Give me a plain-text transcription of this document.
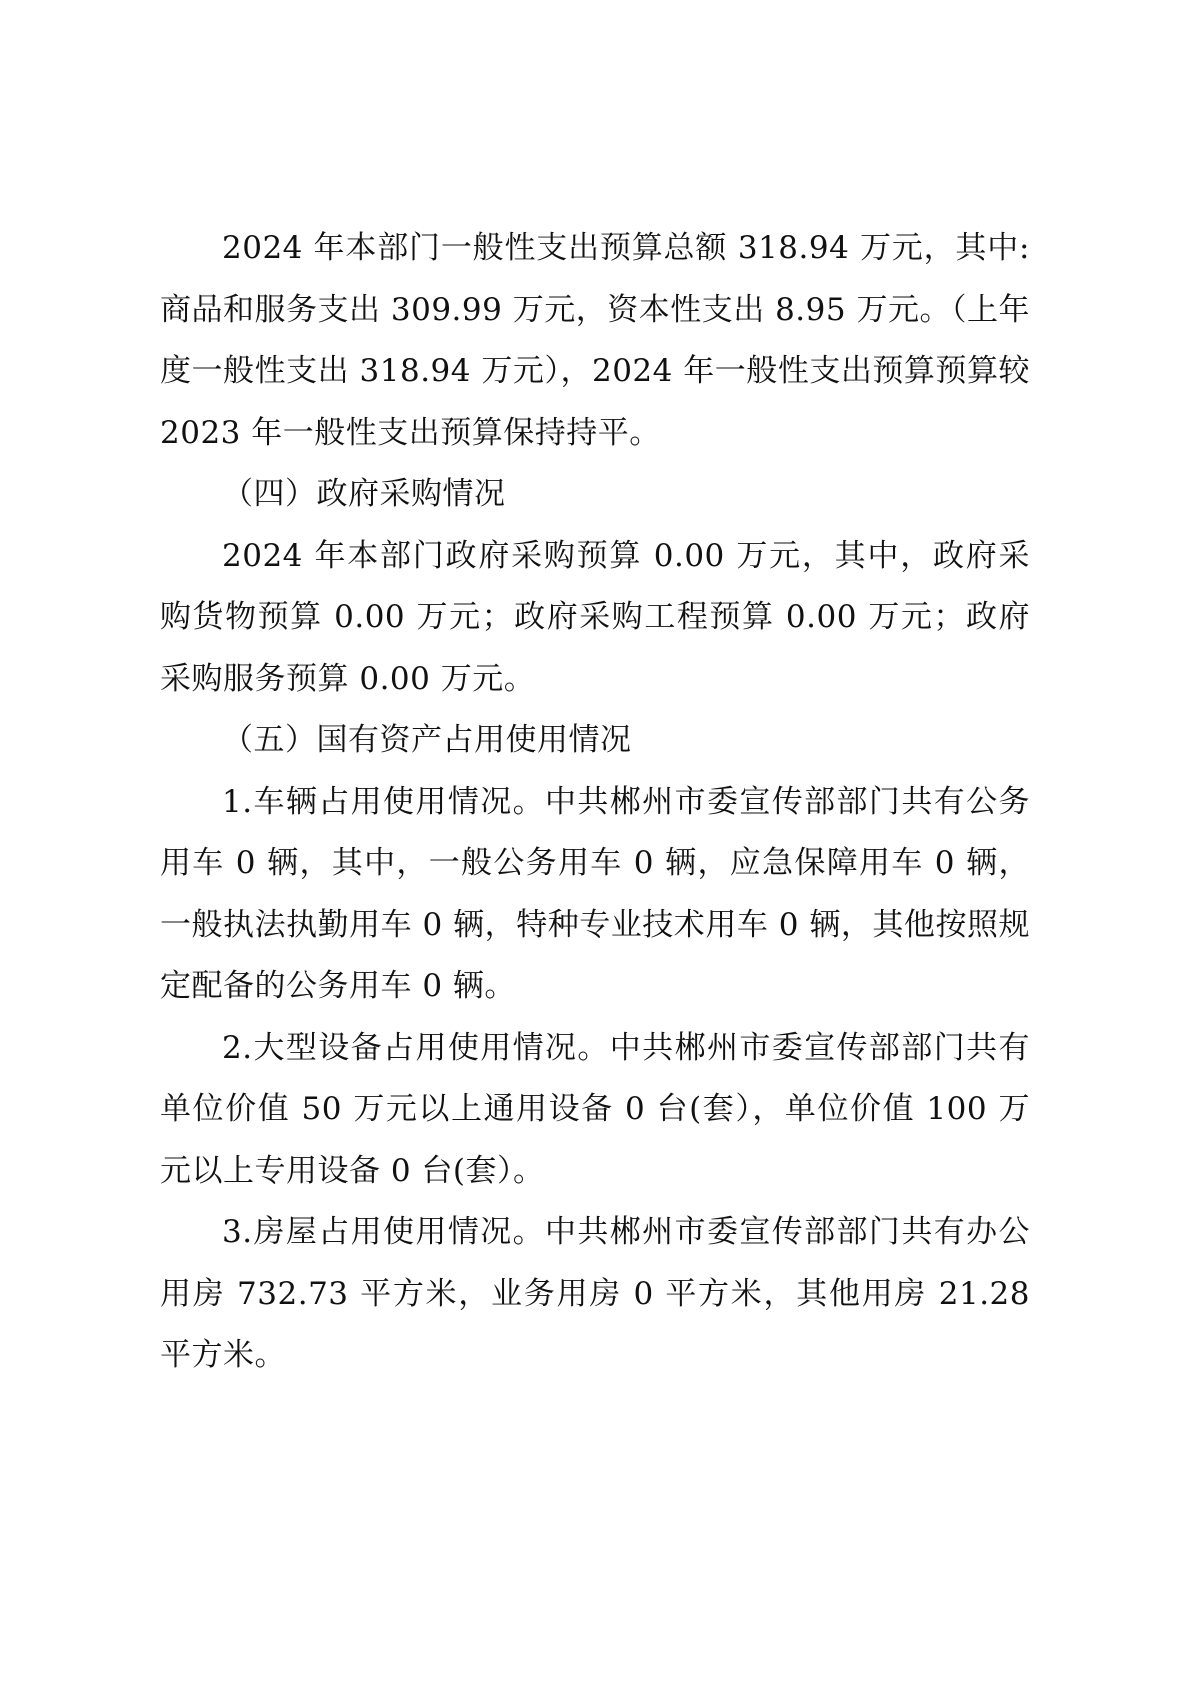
2024 年本部门一般性支出预算总额 318.94 万元，其中: 商品和服务支出 309.99 万元，资本性支出 8.95 万元。（上年度一般性支出 318.94 万元），2024 年一般性支出预算预算较 2023 年一般性支出预算保持持平。

（四）政府采购情况

2024 年本部门政府采购预算 0.00 万元，其中，政府采购货物预算 0.00 万元；政府采购工程预算 0.00 万元；政府采购服务预算 0.00 万元。

（五）国有资产占用使用情况

1.车辆占用使用情况。中共郴州市委宣传部部门共有公务用车 0 辆，其中，一般公务用车 0 辆，应急保障用车 0 辆，一般执法执勤用车 0 辆，特种专业技术用车 0 辆，其他按照规定配备的公务用车 0 辆。

2.大型设备占用使用情况。中共郴州市委宣传部部门共有单位价值 50 万元以上通用设备 0 台(套），单位价值 100 万元以上专用设备 0 台(套）。

3.房屋占用使用情况。中共郴州市委宣传部部门共有办公用房 732.73 平方米，业务用房 0 平方米，其他用房 21.28 平方米。
